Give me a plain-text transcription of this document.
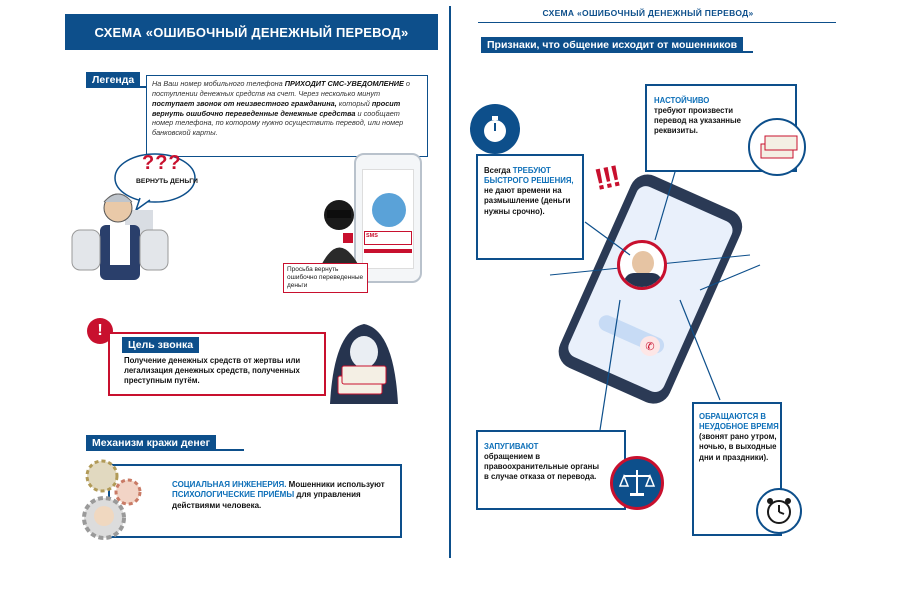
СХЕМА «ОШИБОЧНЫЙ ДЕНЕЖНЫЙ ПЕРЕВОД»
Легенда	На Ваш номер мобильного телефона ПРИХОДИТ СМС-УВЕДОМЛЕНИЕ о поступлении денежных средств на счет. Через несколько минут поступает звонок от неизвестного гражданина, который просит вернуть ошибочно переведенные денежные средства и сообщает номер телефона, по которому нужно осуществить перевод, или номер банковской карты.
???
ВЕРНУТЬ ДЕНЬГИ
SMS
Просьба вернуть ошибочно переведенные деньги
!
Цель звонка
Получение денежных средств от жертвы или легализация денежных средств, полученных преступным путём.
Механизм кражи денег
СОЦИАЛЬНАЯ ИНЖЕНЕРИЯ. Мошенники используют ПСИХОЛОГИЧЕСКИЕ ПРИЁМЫ для управления действиями человека.
СХЕМА «ОШИБОЧНЫЙ ДЕНЕЖНЫЙ ПЕРЕВОД»
Признаки, что общение исходит от мошенников
✆
!!!
Всегда ТРЕБУЮТ БЫСТРОГО РЕШЕНИЯ,
не дают времени на размышление (деньги нужны срочно).
НАСТОЙЧИВО
требуют произвести перевод на указанные реквизиты.
ЗАПУГИВАЮТ
обращением в правоохранительные органы в случае отказа от перевода.
ОБРАЩАЮТСЯ В НЕУДОБНОЕ ВРЕМЯ
(звонят рано утром, ночью, в выходные дни и праздники).
